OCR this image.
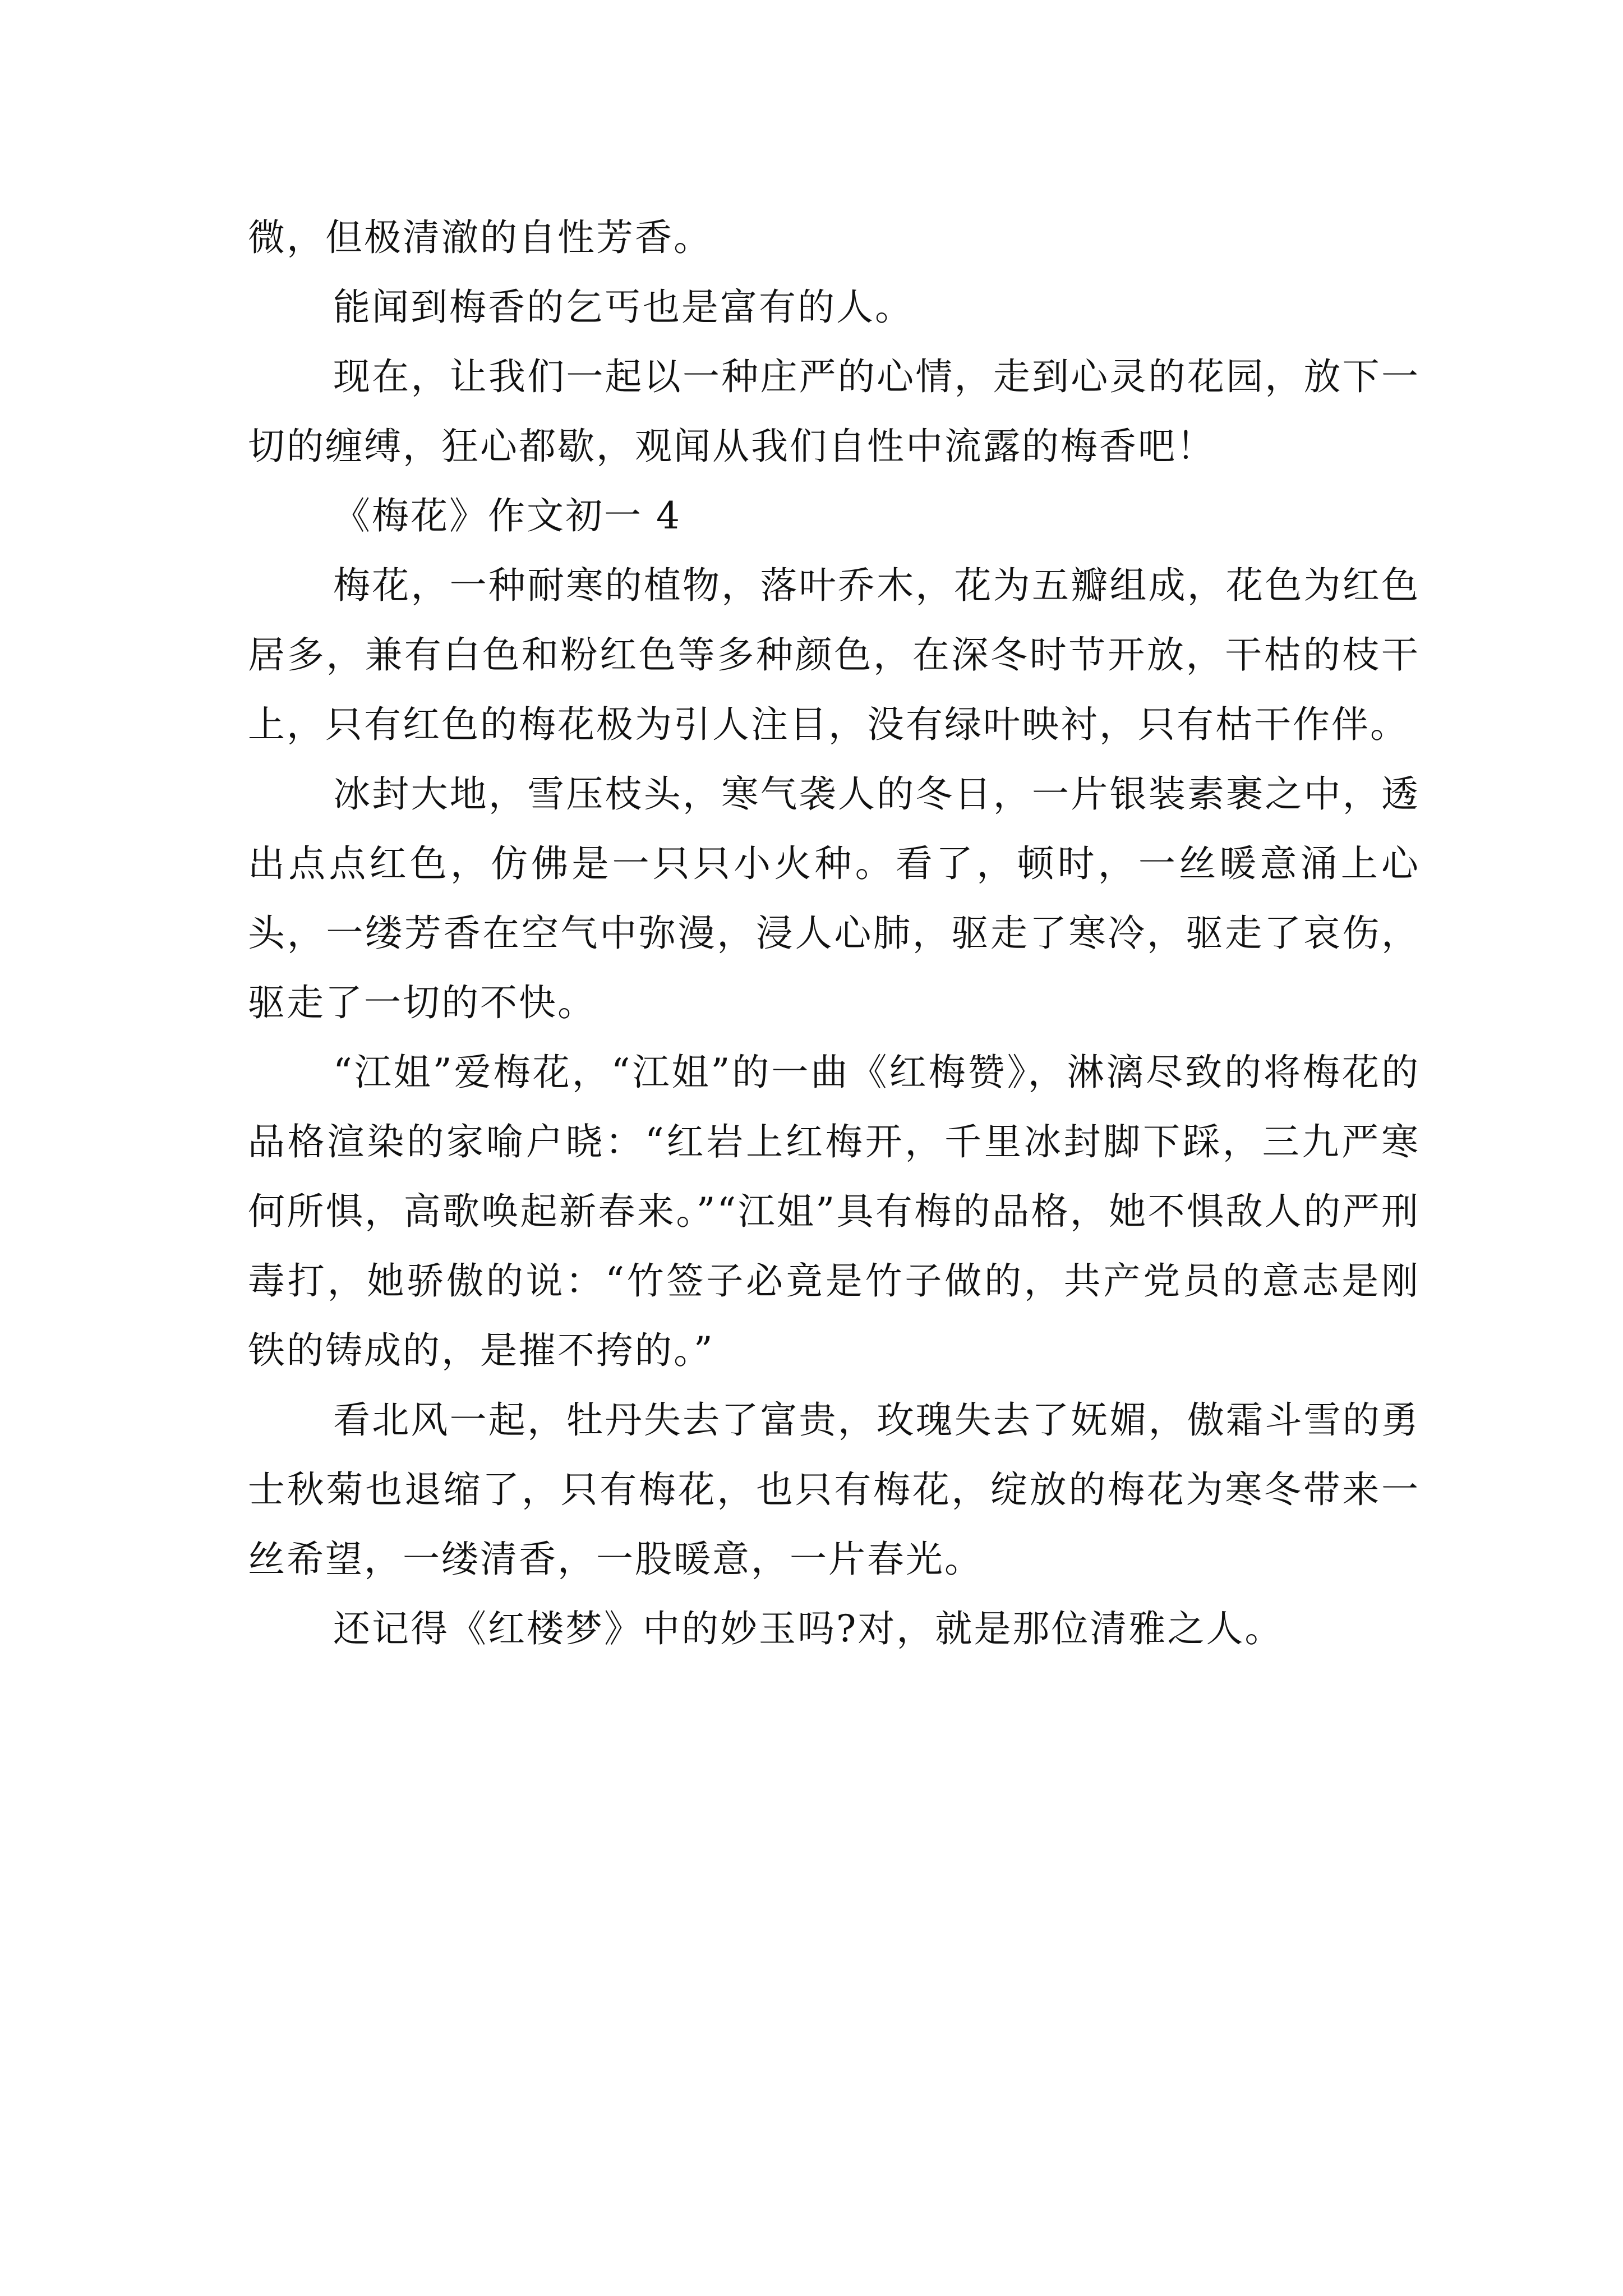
微，但极清澈的自性芳香。

能闻到梅香的乞丐也是富有的人。

现在，让我们一起以一种庄严的心情，走到心灵的花园，放下一切的缠缚，狂心都歇，观闻从我们自性中流露的梅香吧！

《梅花》作文初一 4

梅花，一种耐寒的植物，落叶乔木，花为五瓣组成，花色为红色居多，兼有白色和粉红色等多种颜色，在深冬时节开放，干枯的枝干上，只有红色的梅花极为引人注目，没有绿叶映衬，只有枯干作伴。

冰封大地，雪压枝头，寒气袭人的冬日，一片银装素裹之中，透出点点红色，仿佛是一只只小火种。看了，顿时，一丝暖意涌上心头，一缕芳香在空气中弥漫，浸人心肺，驱走了寒冷，驱走了哀伤，驱走了一切的不快。

“江姐”爱梅花，“江姐”的一曲《红梅赞》，淋漓尽致的将梅花的品格渲染的家喻户晓：“红岩上红梅开，千里冰封脚下踩，三九严寒何所惧，高歌唤起新春来。”“江姐”具有梅的品格，她不惧敌人的严刑毒打，她骄傲的说：“竹签子必竟是竹子做的，共产党员的意志是刚铁的铸成的，是摧不挎的。”

看北风一起，牡丹失去了富贵，玫瑰失去了妩媚，傲霜斗雪的勇士秋菊也退缩了，只有梅花，也只有梅花，绽放的梅花为寒冬带来一丝希望，一缕清香，一股暖意，一片春光。

还记得《红楼梦》中的妙玉吗?对，就是那位清雅之人。
